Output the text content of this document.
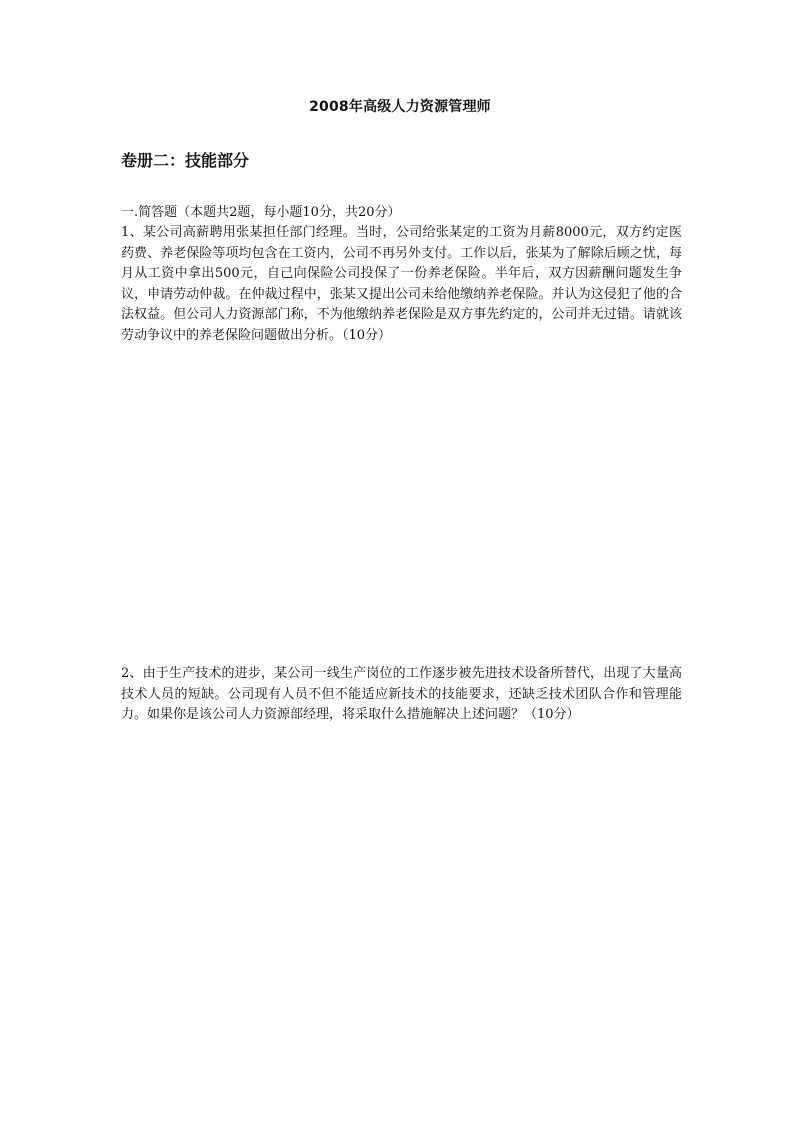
2008年高级人力资源管理师
卷册二：技能部分
一.简答题（本题共2题，每小题10分，共20分）

1、某公司高薪聘用张某担任部门经理。当时，公司给张某定的工资为月薪8000元，双方约定医药费、养老保险等项均包含在工资内，公司不再另外支付。工作以后，张某为了解除后顾之忧，每月从工资中拿出500元，自己向保险公司投保了一份养老保险。半年后，双方因薪酬问题发生争议，申请劳动仲裁。在仲裁过程中，张某又提出公司未给他缴纳养老保险。并认为这侵犯了他的合法权益。但公司人力资源部门称，不为他缴纳养老保险是双方事先约定的，公司并无过错。请就该劳动争议中的养老保险问题做出分析。（10分）

2、由于生产技术的进步，某公司一线生产岗位的工作逐步被先进技术设备所替代，出现了大量高技术人员的短缺。公司现有人员不但不能适应新技术的技能要求，还缺乏技术团队合作和管理能力。如果你是该公司人力资源部经理，将采取什么措施解决上述问题？（10分）
